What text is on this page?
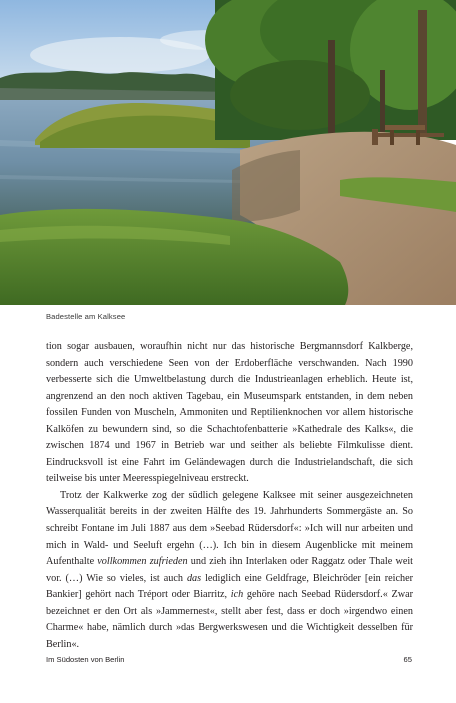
Badestelle am Kalksee

tion sogar ausbauen, woraufhin nicht nur das historische Bergmannsdorf Kalkberge, sondern auch verschiedene Seen von der Erdoberfläche verschwanden. Nach 1990 verbesserte sich die Umweltbelastung durch die Industrieanlagen erheblich. Heute ist, angrenzend an den noch aktiven Tagebau, ein Museumspark entstanden, in dem neben fossilen Funden von Muscheln, Ammoniten und Reptilienknochen vor allem historische Kalköfen zu bewundern sind, so die Schachtofenbatterie »Kathedrale des Kalks«, die zwischen 1874 und 1967 in Betrieb war und seither als beliebte Filmkulisse dient. Eindrucksvoll ist eine Fahrt im Geländewagen durch die Industrielandschaft, die sich teilweise bis unter Meeresspiegelniveau erstreckt.

Trotz der Kalkwerke zog der südlich gelegene Kalksee mit seiner ausgezeichneten Wasserqualität bereits in der zweiten Hälfte des 19. Jahrhunderts Sommergäste an. So schreibt Fontane im Juli 1887 aus dem »Seebad Rüdersdorf«: »Ich will nur arbeiten und mich in Wald- und Seeluft ergehn (…). Ich bin in diesem Augenblicke mit meinem Aufenthalte vollkommen zufrieden und zieh ihn Interlaken oder Raggatz oder Thale weit vor. (…) Wie so vieles, ist auch das lediglich eine Geldfrage, Bleichröder [ein reicher Bankier] gehört nach Tréport oder Biarritz, ich gehöre nach Seebad Rüdersdorf.« Zwar bezeichnet er den Ort als »Jammernest«, stellt aber fest, dass er doch »irgendwo einen Charme« habe, nämlich durch »das Bergwerkswesen und die Wichtigkeit desselben für Berlin«.

Im Südosten von Berlin	65
